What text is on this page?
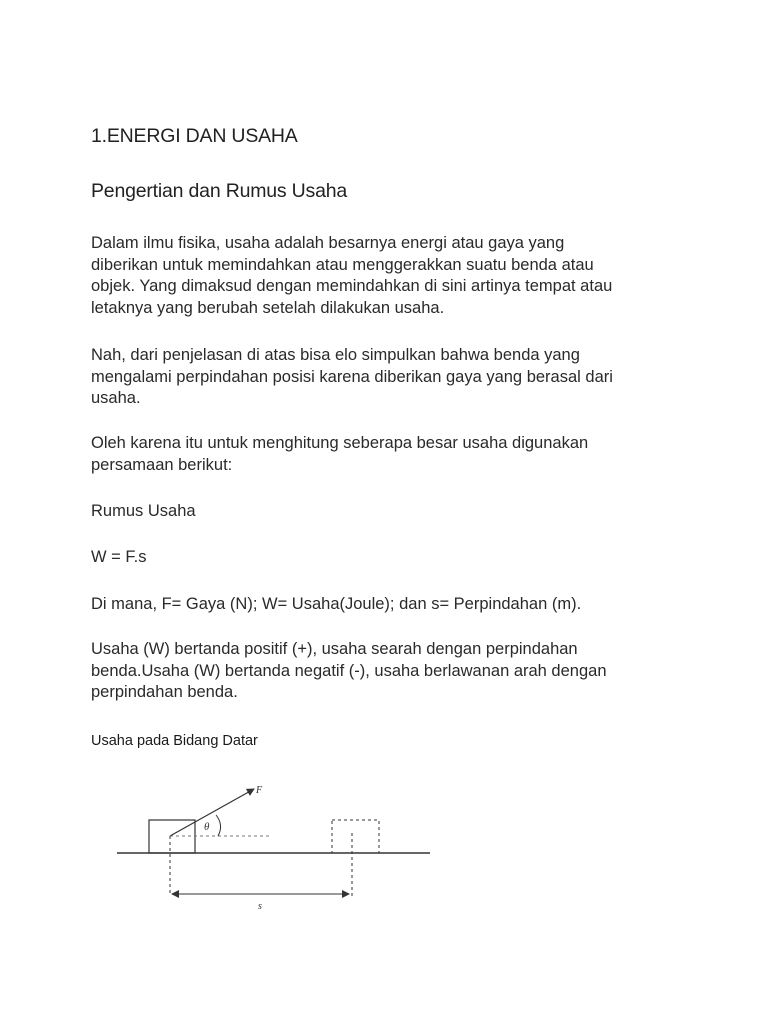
1.ENERGI DAN USAHA
Pengertian dan Rumus Usaha
Dalam ilmu fisika, usaha adalah besarnya energi atau gaya yang
diberikan untuk memindahkan atau menggerakkan suatu benda atau
objek. Yang dimaksud dengan memindahkan di sini artinya tempat atau
letaknya yang berubah setelah dilakukan usaha.
Nah, dari penjelasan di atas bisa elo simpulkan bahwa benda yang
mengalami perpindahan posisi karena diberikan gaya yang berasal dari
usaha.
Oleh karena itu untuk menghitung seberapa besar usaha digunakan
persamaan berikut:
Rumus Usaha
W = F.s
Di mana, F= Gaya (N); W= Usaha(Joule); dan s= Perpindahan (m).
Usaha (W) bertanda positif (+), usaha searah dengan perpindahan
benda.Usaha (W) bertanda negatif (-), usaha berlawanan arah dengan
perpindahan benda.
Usaha pada Bidang Datar
F
θ
s
